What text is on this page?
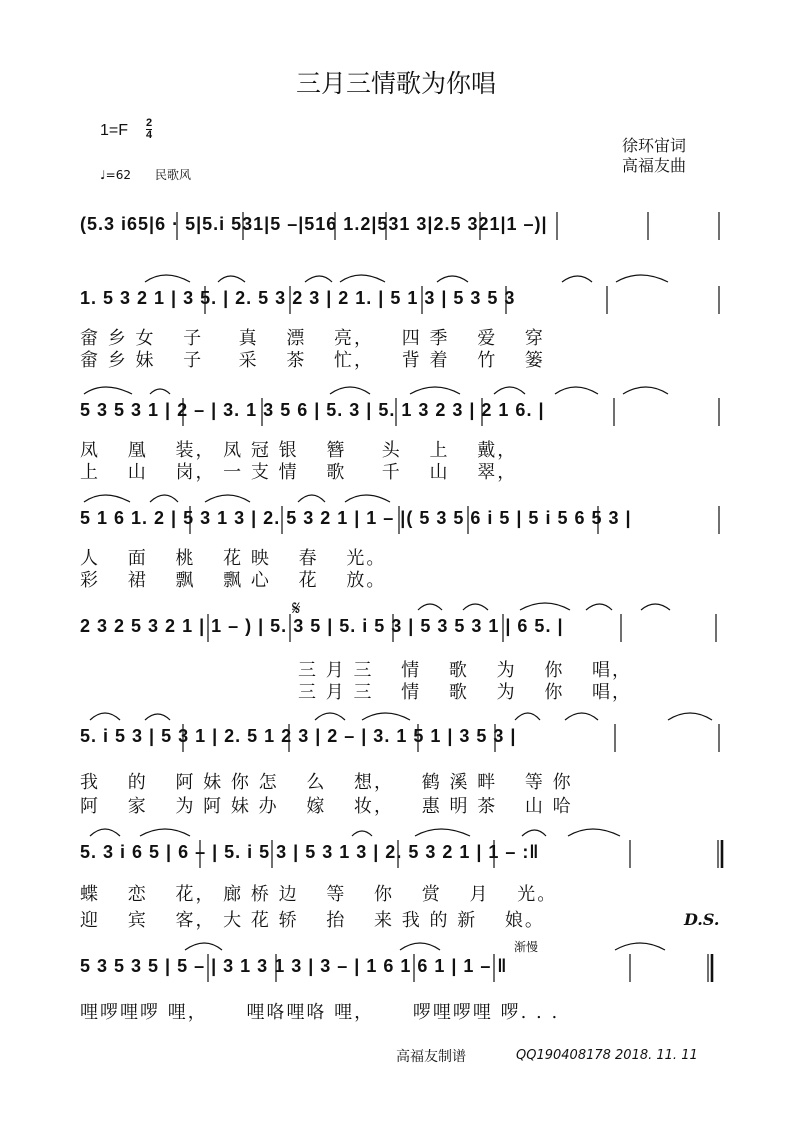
三月三情歌为你唱
1=F 2
4
♩=62　　民歌风
徐环宙词
高福友曲
(5.3 i65|6 · 5|5.i 531|5 –|516 1.2|531 3|2.5 321|1 –)|
1. 5 3 2 1 | 3 5. | 2. 5 3 2 3 | 2 1. | 5 1 3 | 5 3 5 3
畲 乡 女 　子 　 真 　漂 　亮， 　四 季 　爱 　穿
畲 乡 妹 　子 　 采 　茶 　忙， 　背 着 　竹 　篓
5 3 5 3 1 | 2 – | 3. 1 3 5 6 | 5. 3 | 5. 1 3 2 3 | 2 1 6. |
凤 　凰 　装， 凤 冠 银 　簪 　 头 　上 　戴，
上 　山 　岗， 一 支 情 　歌 　 千 　山 　翠，
5 1 6 1. 2 | 5 3 1 3 | 2. 5 3 2 1 | 1 – |( 5 3 5 6 i 5 | 5 i 5 6 5 3 |
人 　面 　桃 　花 映 　春 　光。
彩 　裙 　飘 　飘 心 　花 　放。
𝄋
2 3 2 5 3 2 1 | 1 – ) | 5. 3 5 | 5. i 5 3 | 5 3 5 3 1 | 6 5. |
三 月 三 　情 　歌 　为 　你 　唱，
三 月 三 　情 　歌 　为 　你 　唱，
5. i 5 3 | 5 3 1 | 2. 5 1 2 3 | 2 – | 3. 1 5 1 | 3 5 3 |
我 　的 　阿 妹 你 怎 　么 　想， 　鹤 溪 畔 　等 你
阿 　家 　为 阿 妹 办 　嫁 　妆， 　惠 明 茶 　山 哈
5. 3 i 6 5 | 6 – | 5. i 5 3 | 5 3 1 3 | 2. 5 3 2 1 | 1 – :‖
蝶 　恋 　花， 廊 桥 边 　等 　你 　赏 　月 　光。
迎 　宾 　客， 大 花 轿 　抬 　来 我 的 新 　娘。	D.S.
渐慢
5 3 5 3 5 | 5 – | 3 1 3 1 3 | 3 – | 1 6 1 6 1 | 1 – ‖
哩啰哩啰 哩，　　 哩咯哩咯 哩，　　 啰哩啰哩 啰. . .
高福友制谱	QQ190408178 2018. 11. 11
